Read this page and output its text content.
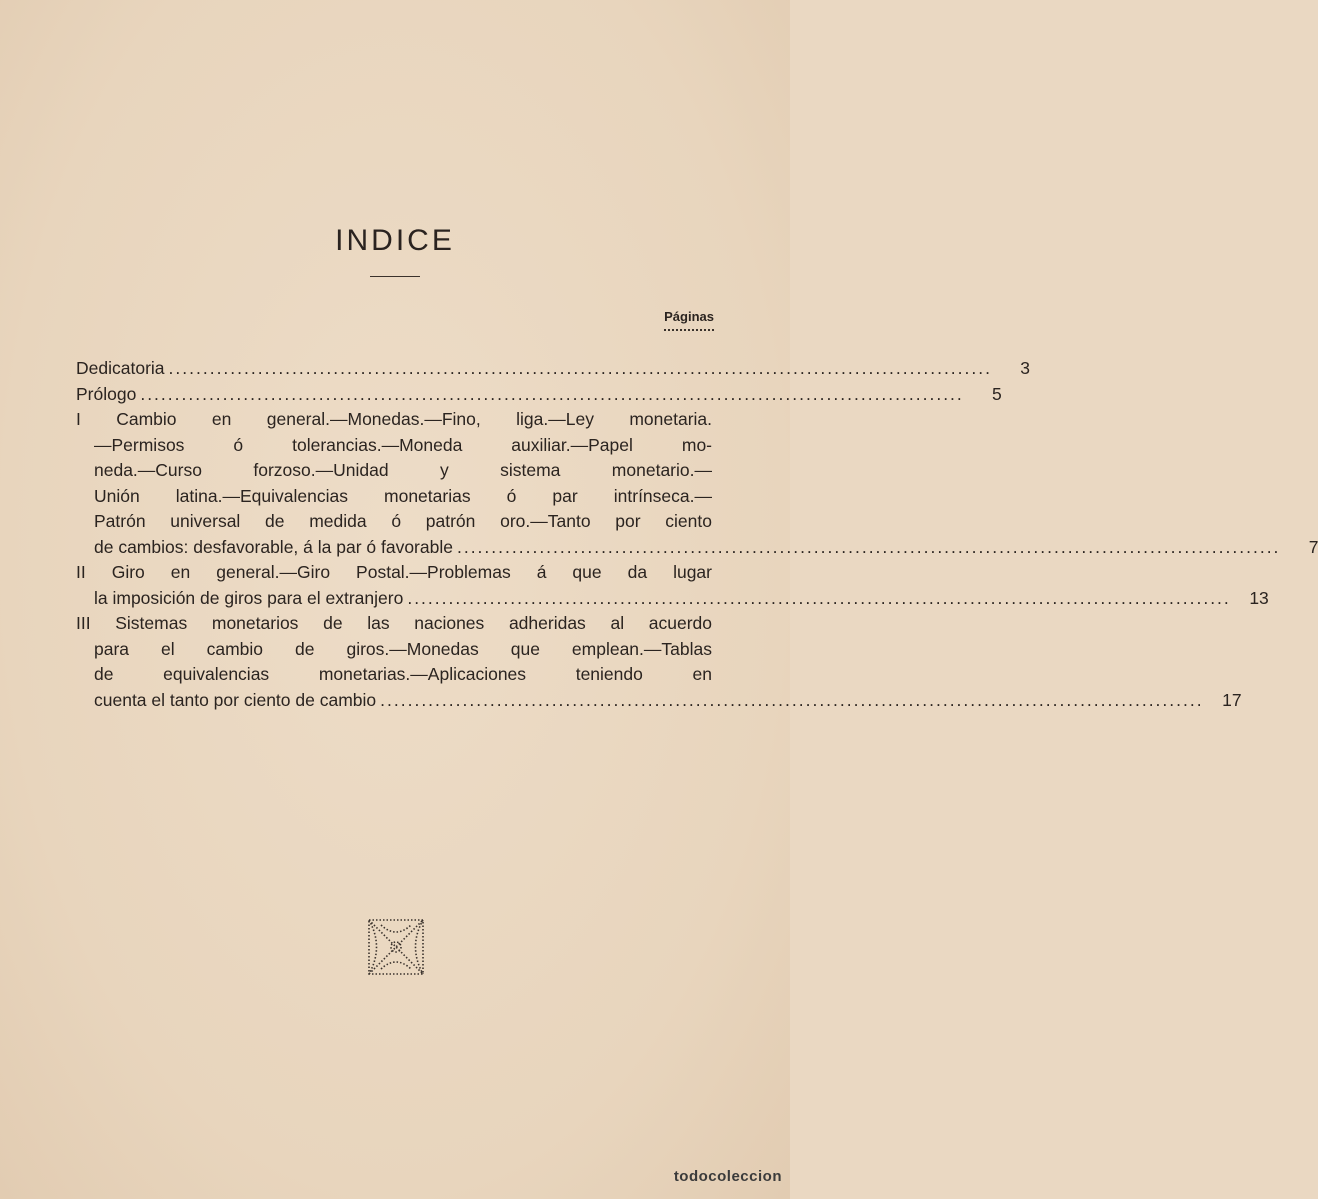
INDICE
Páginas
Dedicatoria ........................................................................................................................	3
Prólogo ........................................................................................................................	5
I Cambio en general.—Monedas.—Fino, liga.—Ley monetaria.
—Permisos ó tolerancias.—Moneda auxiliar.—Papel mo-
neda.—Curso forzoso.—Unidad y sistema monetario.—
Unión latina.—Equivalencias monetarias ó par intrínseca.—
Patrón universal de medida ó patrón oro.—Tanto por ciento
de cambios: desfavorable, á la par ó favorable ........................................................................................................................	7
II Giro en general.—Giro Postal.—Problemas á que da lugar
la imposición de giros para el extranjero ........................................................................................................................	13
III Sistemas monetarios de las naciones adheridas al acuerdo
para el cambio de giros.—Monedas que emplean.—Tablas
de equivalencias monetarias.—Aplicaciones teniendo en
cuenta el tanto por ciento de cambio ........................................................................................................................	17
todocoleccion
